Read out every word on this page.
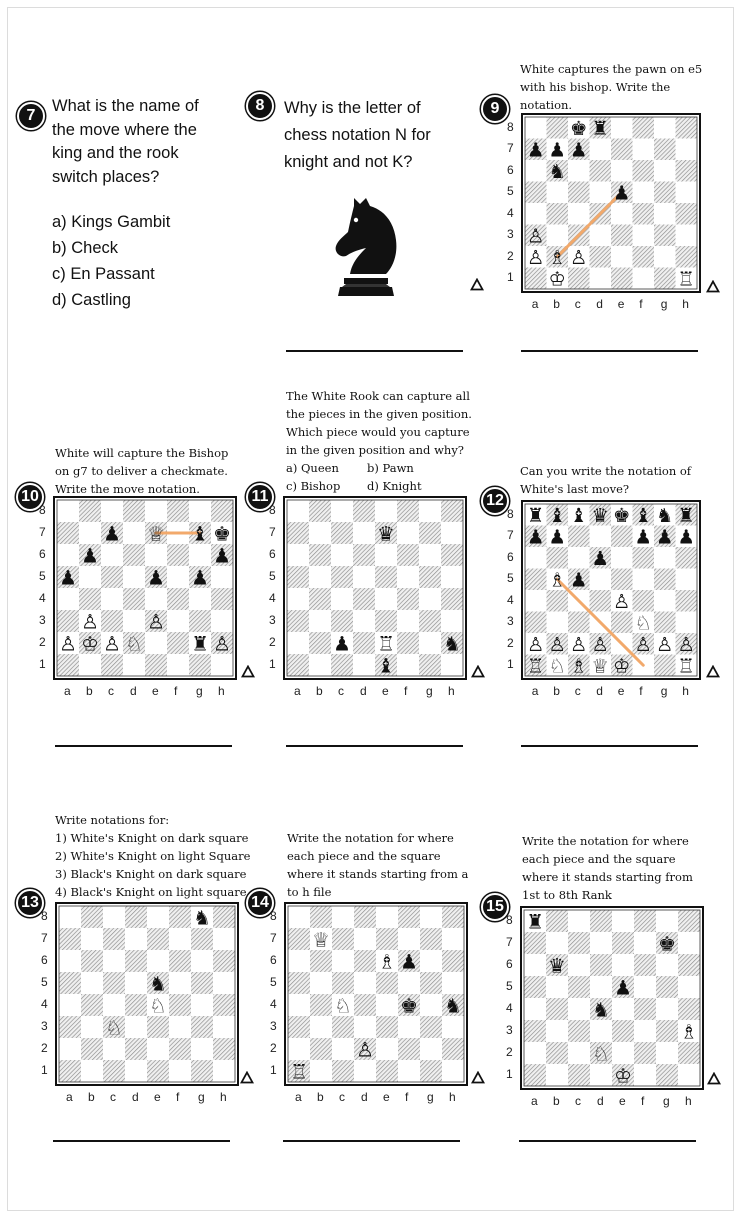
7
What is the name of
the move where the
king and the rook
switch places?
a) Kings Gambit
b) Check
c) En Passant
d) Castling
8	Why is the letter of
chess notation N for
knight and not K?
White captures the pawn on e5
with his bishop. Write the
notation.
9
♚ ♜
♟ ♟ ♟
♞
♟
♙
♙ ♗ ♙
♔	♖
White will capture the Bishop
on g7 to deliver a checkmate.
Write the move notation.
10
♟ ♕ ♝ ♚
♟	♟
♟	♟ ♟
♙ ♙
♙ ♔ ♙ ♘ ♜ ♙
The White Rook can capture all
the pieces in the given position.
Which piece would you capture
in the given position and why?
a) Queen b) Pawn
c) Bishop d) Knight
11
♛
♟ ♖ ♞
♝
Can you write the notation of
White's last move?
12
♜ ♝ ♝ ♛ ♚ ♝ ♞ ♜
♟ ♟	♟ ♟ ♟
♟
♗ ♟
♙
♘
♙ ♙ ♙ ♙ ♙ ♙ ♙
♖ ♘ ♗ ♕ ♔ ♖
Write notations for:
1) White's Knight on dark square
2) White's Knight on light Square
3) Black's Knight on dark square
4) Black's Knight on light square
13
♞
♞
♘
♘
Write the notation for where
each piece and the square
where it stands starting from a
to h file
14
♕
♗ ♟
♘ ♚ ♞
♙
♖
Write the notation for where
each piece and the square
where it stands starting from
1st to 8th Rank
15
♜
♚
♛
♟
♞
♗
♘
♔
8
7
6
5
4
3
2
1
a b c d e f g h
8
7
6
5
4
3
2
1
a b c d e f g h
8
7
6
5
4
3
2
1
a b c d e f g h
8
7
6
5
4
3
2
1
a b c d e f g h
8
7
6
5
4
3
2
1
a b c d e f g h
8
7
6
5
4
3
2
1
a b c d e f g h
8
7
6
5
4
3
2
1
a b c d e f g h
